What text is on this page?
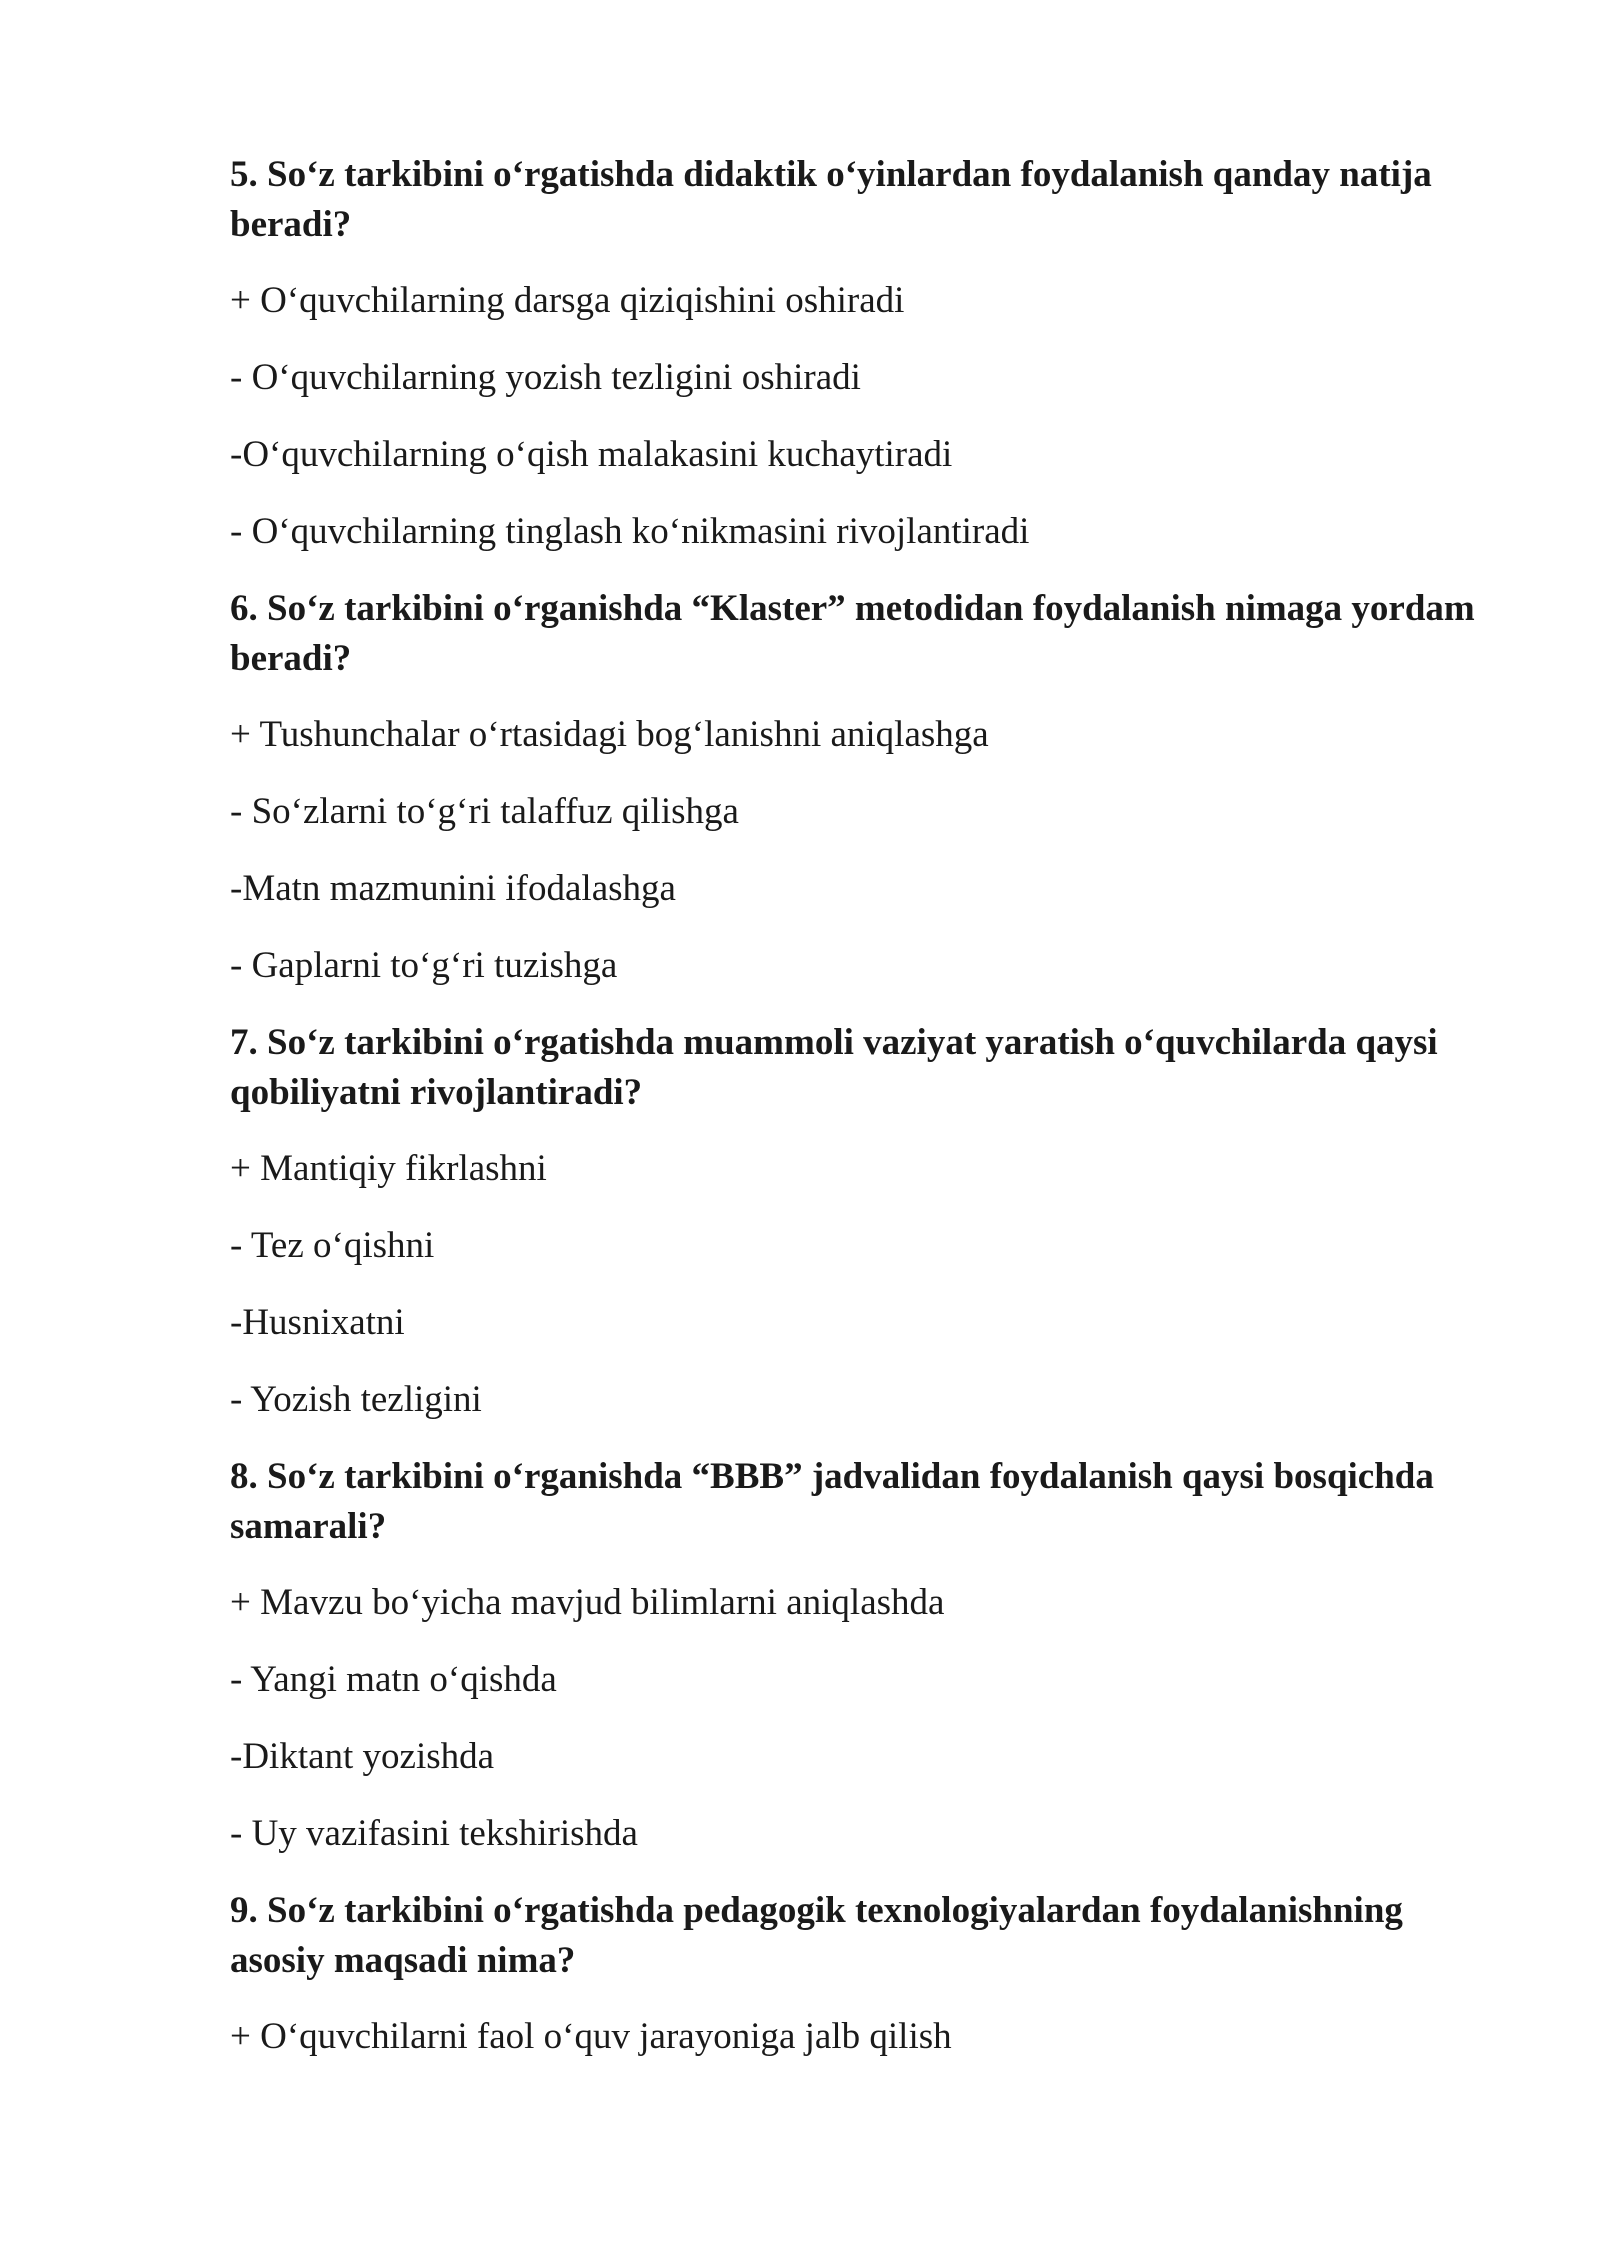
5. So‘z tarkibini o‘rgatishda didaktik o‘yinlardan foydalanish qanday natija beradi?
+ O‘quvchilarning darsga qiziqishini oshiradi
- O‘quvchilarning yozish tezligini oshiradi
-O‘quvchilarning o‘qish malakasini kuchaytiradi
- O‘quvchilarning tinglash ko‘nikmasini rivojlantiradi
6. So‘z tarkibini o‘rganishda “Klaster” metodidan foydalanish nimaga yordam beradi?
+ Tushunchalar o‘rtasidagi bog‘lanishni aniqlashga
- So‘zlarni to‘g‘ri talaffuz qilishga
-Matn mazmunini ifodalashga
- Gaplarni to‘g‘ri tuzishga
7. So‘z tarkibini o‘rgatishda muammoli vaziyat yaratish o‘quvchilarda qaysi qobiliyatni rivojlantiradi?
+ Mantiqiy fikrlashni
- Tez o‘qishni
-Husnixatni
- Yozish tezligini
8. So‘z tarkibini o‘rganishda “BBB” jadvalidan foydalanish qaysi bosqichda samarali?
+ Mavzu bo‘yicha mavjud bilimlarni aniqlashda
- Yangi matn o‘qishda
-Diktant yozishda
- Uy vazifasini tekshirishda
9. So‘z tarkibini o‘rgatishda pedagogik texnologiyalardan foydalanishning asosiy maqsadi nima?
+ O‘quvchilarni faol o‘quv jarayoniga jalb qilish
